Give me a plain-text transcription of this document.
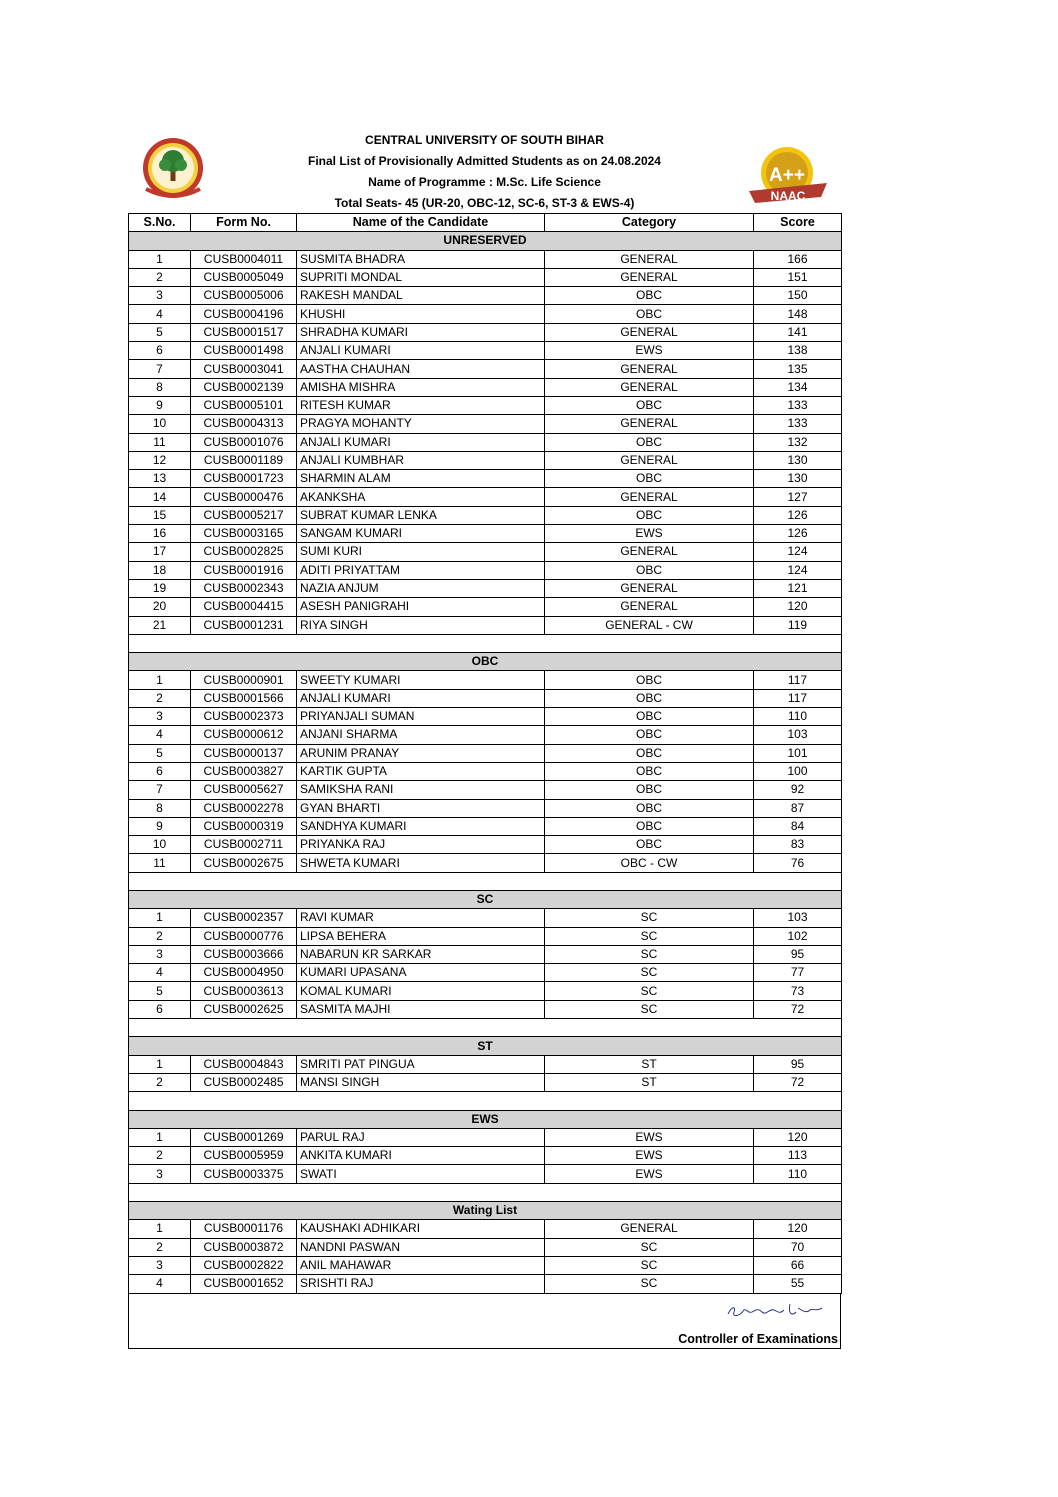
CENTRAL UNIVERSITY OF SOUTH BIHAR
Final List of Provisionally Admitted Students as on 24.08.2024
Name of Programme : M.Sc. Life Science
Total Seats- 45 (UR-20, OBC-12, SC-6, ST-3 & EWS-4)
A++
NAAC
S.No.	Form No.	Name of the Candidate	Category	Score
UNRESERVED				
1	CUSB0004011	SUSMITA BHADRA	GENERAL	166
2	CUSB0005049	SUPRITI MONDAL	GENERAL	151
3	CUSB0005006	RAKESH MANDAL	OBC	150
4	CUSB0004196	KHUSHI	OBC	148
5	CUSB0001517	SHRADHA KUMARI	GENERAL	141
6	CUSB0001498	ANJALI KUMARI	EWS	138
7	CUSB0003041	AASTHA CHAUHAN	GENERAL	135
8	CUSB0002139	AMISHA MISHRA	GENERAL	134
9	CUSB0005101	RITESH KUMAR	OBC	133
10	CUSB0004313	PRAGYA MOHANTY	GENERAL	133
11	CUSB0001076	ANJALI KUMARI	OBC	132
12	CUSB0001189	ANJALI KUMBHAR	GENERAL	130
13	CUSB0001723	SHARMIN ALAM	OBC	130
14	CUSB0000476	AKANKSHA	GENERAL	127
15	CUSB0005217	SUBRAT KUMAR LENKA	OBC	126
16	CUSB0003165	SANGAM KUMARI	EWS	126
17	CUSB0002825	SUMI KURI	GENERAL	124
18	CUSB0001916	ADITI PRIYATTAM	OBC	124
19	CUSB0002343	NAZIA ANJUM	GENERAL	121
20	CUSB0004415	ASESH PANIGRAHI	GENERAL	120
21	CUSB0001231	RIYA SINGH	GENERAL - CW	119

OBC				
1	CUSB0000901	SWEETY KUMARI	OBC	117
2	CUSB0001566	ANJALI KUMARI	OBC	117
3	CUSB0002373	PRIYANJALI SUMAN	OBC	110
4	CUSB0000612	ANJANI SHARMA	OBC	103
5	CUSB0000137	ARUNIM PRANAY	OBC	101
6	CUSB0003827	KARTIK GUPTA	OBC	100
7	CUSB0005627	SAMIKSHA RANI	OBC	92
8	CUSB0002278	GYAN BHARTI	OBC	87
9	CUSB0000319	SANDHYA KUMARI	OBC	84
10	CUSB0002711	PRIYANKA RAJ	OBC	83
11	CUSB0002675	SHWETA KUMARI	OBC - CW	76

SC				
1	CUSB0002357	RAVI KUMAR	SC	103
2	CUSB0000776	LIPSA BEHERA	SC	102
3	CUSB0003666	NABARUN KR SARKAR	SC	95
4	CUSB0004950	KUMARI UPASANA	SC	77
5	CUSB0003613	KOMAL KUMARI	SC	73
6	CUSB0002625	SASMITA MAJHI	SC	72

ST				
1	CUSB0004843	SMRITI PAT PINGUA	ST	95
2	CUSB0002485	MANSI SINGH	ST	72

EWS				
1	CUSB0001269	PARUL RAJ	EWS	120
2	CUSB0005959	ANKITA KUMARI	EWS	113
3	CUSB0003375	SWATI	EWS	110

Wating List				
1	CUSB0001176	KAUSHAKI ADHIKARI	GENERAL	120
2	CUSB0003872	NANDNI PASWAN	SC	70
3	CUSB0002822	ANIL MAHAWAR	SC	66
4	CUSB0001652	SRISHTI RAJ	SC	55
Controller of Examinations
